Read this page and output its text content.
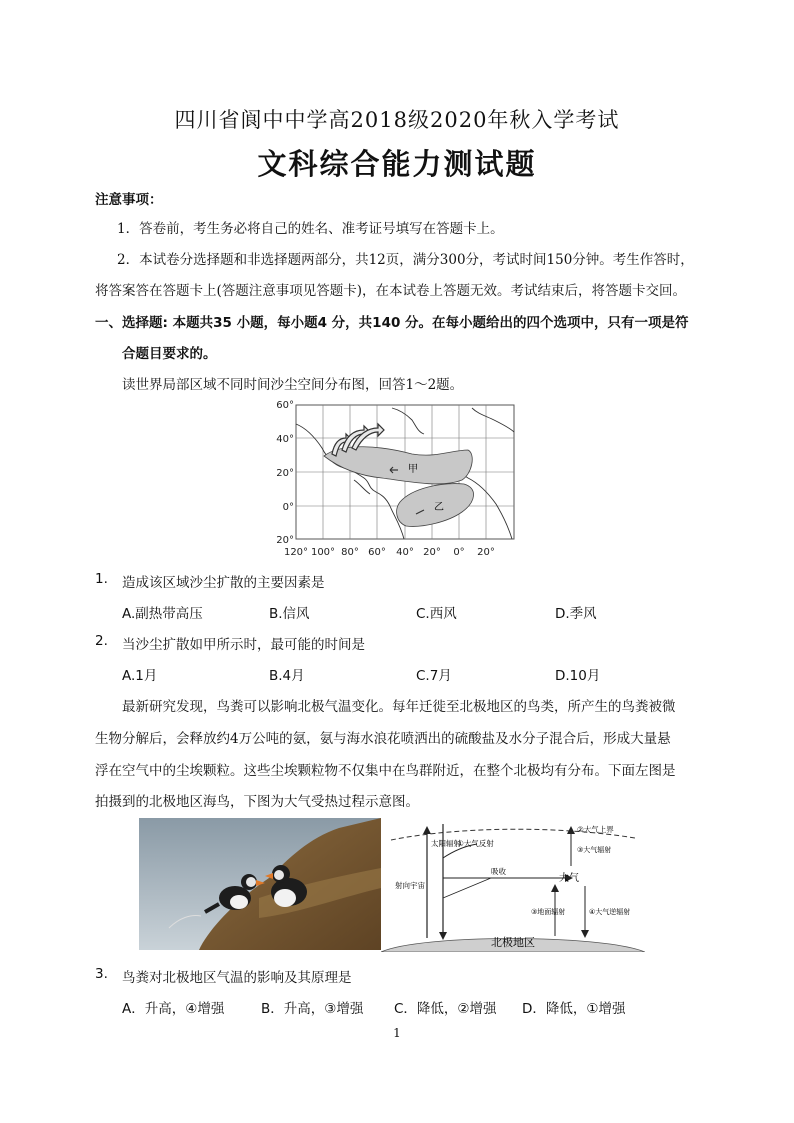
四川省阆中中学高2018级2020年秋入学考试
文科综合能力测试题
注意事项：
1．答卷前，考生务必将自己的姓名、准考证号填写在答题卡上。
2．本试卷分选择题和非选择题两部分，共12页，满分300分，考试时间150分钟。考生作答时，
将答案答在答题卡上(答题注意事项见答题卡)，在本试卷上答题无效。考试结束后，将答题卡交回。
一、选择题: 本题共35 小题，每小题4 分，共140 分。在每小题给出的四个选项中，只有一项是符
合题目要求的。
读世界局部区域不同时间沙尘空间分布图，回答1～2题。
甲
乙
60°
40°
20°
0°
20°
120° 100° 80° 60° 40° 20° 0° 20°
1. 造成该区域沙尘扩散的主要因素是
A.副热带高压	B.信风	C.西风	D.季风
2. 当沙尘扩散如甲所示时，最可能的时间是
A.1月	B.4月	C.7月	D.10月
最新研究发现，鸟粪可以影响北极气温变化。每年迁徙至北极地区的鸟类，所产生的鸟粪被微
生物分解后，会释放约4万公吨的氨，氨与海水浪花喷洒出的硫酸盐及水分子混合后，形成大量悬
浮在空气中的尘埃颗粒。这些尘埃颗粒物不仅集中在鸟群附近，在整个北极均有分布。下面左图是
拍摄到的北极地区海鸟，下图为大气受热过程示意图。
北极地区
太阳辐射
射向宇宙
①大气反射
吸收
大气
②大气上界
③大气辐射
③地面辐射	④大气逆辐射
3. 鸟粪对北极地区气温的影响及其原理是
A．升高，④增强	B．升高，③增强 C．降低，②增强 D．降低，①增强
1
